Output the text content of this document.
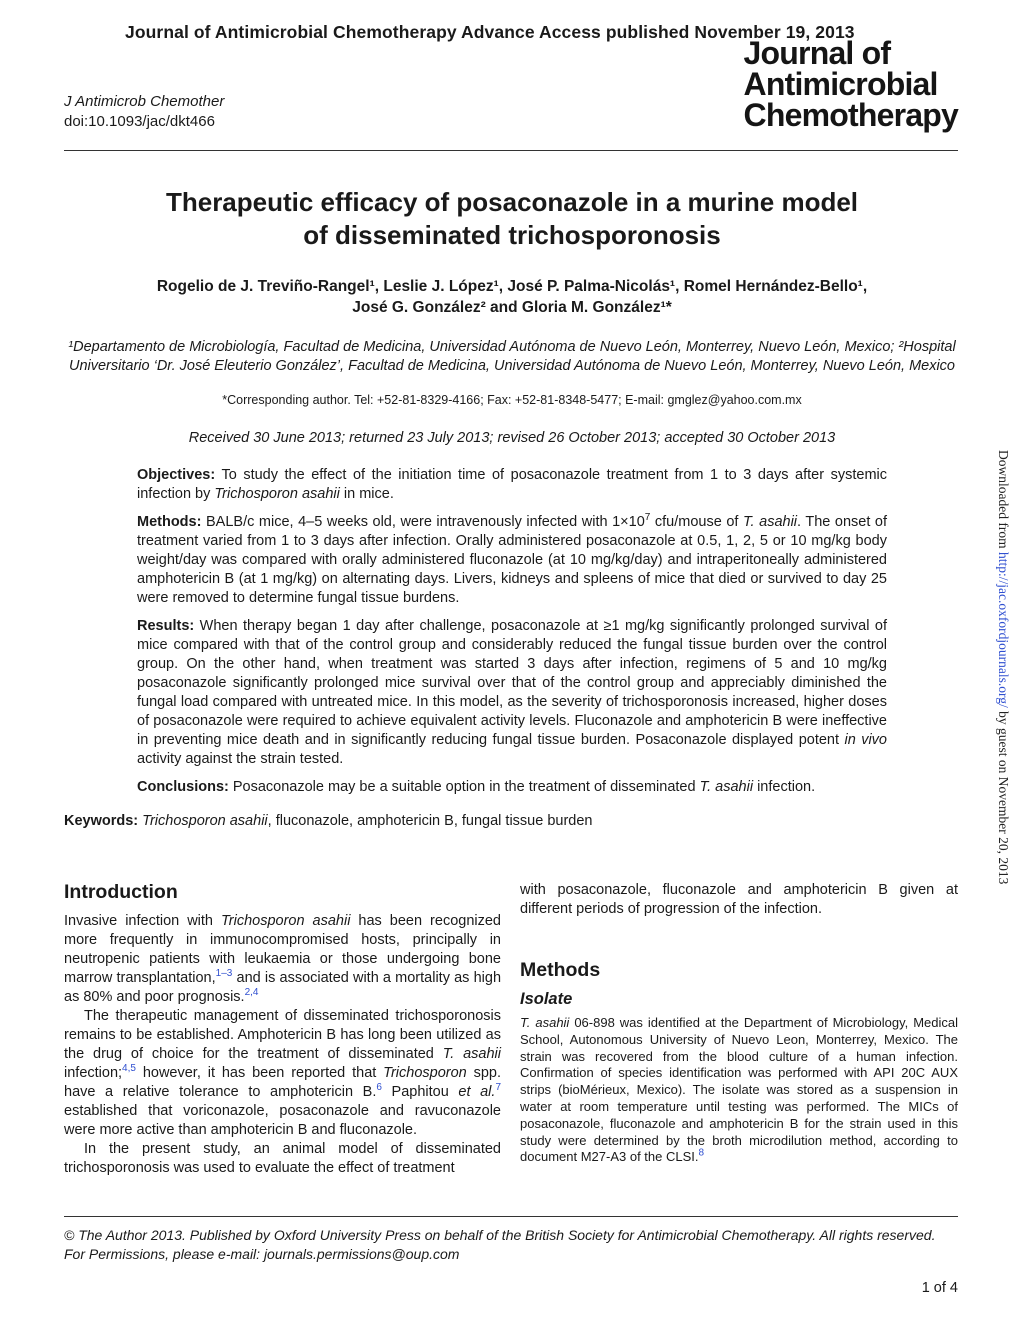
Journal of Antimicrobial Chemotherapy Advance Access published November 19, 2013
J Antimicrob Chemother
doi:10.1093/jac/dkt466
Journal of
Antimicrobial
Chemotherapy
Therapeutic efficacy of posaconazole in a murine model
of disseminated trichosporonosis
Rogelio de J. Treviño-Rangel¹, Leslie J. López¹, José P. Palma-Nicolás¹, Romel Hernández-Bello¹,
José G. González² and Gloria M. González¹*
¹Departamento de Microbiología, Facultad de Medicina, Universidad Autónoma de Nuevo León, Monterrey, Nuevo León, Mexico; ²Hospital
Universitario ‘Dr. José Eleuterio González’, Facultad de Medicina, Universidad Autónoma de Nuevo León, Monterrey, Nuevo León, Mexico
*Corresponding author. Tel: +52-81-8329-4166; Fax: +52-81-8348-5477; E-mail: gmglez@yahoo.com.mx
Received 30 June 2013; returned 23 July 2013; revised 26 October 2013; accepted 30 October 2013

Objectives: To study the effect of the initiation time of posaconazole treatment from 1 to 3 days after systemic infection by Trichosporon asahii in mice.

Methods: BALB/c mice, 4–5 weeks old, were intravenously infected with $1\times 10^7$ cfu/mouse of T. asahii. The onset of treatment varied from 1 to 3 days after infection. Orally administered posaconazole at 0.5, 1, 2, 5 or 10 mg/kg body weight/day was compared with orally administered fluconazole (at 10 mg/kg/day) and intraperitoneally administered amphotericin B (at 1 mg/kg) on alternating days. Livers, kidneys and spleens of mice that died or survived to day 25 were removed to determine fungal tissue burdens.

Results: When therapy began 1 day after challenge, posaconazole at ≥1 mg/kg significantly prolonged survival of mice compared with that of the control group and considerably reduced the fungal tissue burden over the control group. On the other hand, when treatment was started 3 days after infection, regimens of 5 and 10 mg/kg posaconazole significantly prolonged mice survival over that of the control group and appreciably diminished the fungal load compared with untreated mice. In this model, as the severity of trichosporonosis increased, higher doses of posaconazole were required to achieve equivalent activity levels. Fluconazole and amphotericin B were ineffective in preventing mice death and in significantly reducing fungal tissue burden. Posaconazole displayed potent in vivo activity against the strain tested.

Conclusions: Posaconazole may be a suitable option in the treatment of disseminated T. asahii infection.

Keywords: Trichosporon asahii, fluconazole, amphotericin B, fungal tissue burden
Introduction

Invasive infection with Trichosporon asahii has been recognized more frequently in immunocompromised hosts, principally in neutropenic patients with leukaemia or those undergoing bone marrow transplantation,$^{1-3}$ and is associated with a mortality as high as 80% and poor prognosis.$^{2,4}$

The therapeutic management of disseminated trichosporonosis remains to be established. Amphotericin B has long been utilized as the drug of choice for the treatment of disseminated T. asahii infection;$^{4,5}$ however, it has been reported that Trichosporon spp. have a relative tolerance to amphotericin B.$^6$ Paphitou et al.$^7$ established that voriconazole, posaconazole and ravuconazole were more active than amphotericin B and fluconazole.

In the present study, an animal model of disseminated trichosporonosis was used to evaluate the effect of treatment

with posaconazole, fluconazole and amphotericin B given at different periods of progression of the infection.

Methods
Isolate

T. asahii 06-898 was identified at the Department of Microbiology, Medical School, Autonomous University of Nuevo Leon, Monterrey, Mexico. The strain was recovered from the blood culture of a human infection. Confirmation of species identification was performed with API 20C AUX strips (bioMérieux, Mexico). The isolate was stored as a suspension in water at room temperature until testing was performed. The MICs of posaconazole, fluconazole and amphotericin B for the strain used in this study were determined by the broth microdilution method, according to document M27-A3 of the CLSI.$^8$

© The Author 2013. Published by Oxford University Press on behalf of the British Society for Antimicrobial Chemotherapy. All rights reserved.
For Permissions, please e-mail: journals.permissions@oup.com
1 of 4
Downloaded from http://jac.oxfordjournals.org/ by guest on November 20, 2013
